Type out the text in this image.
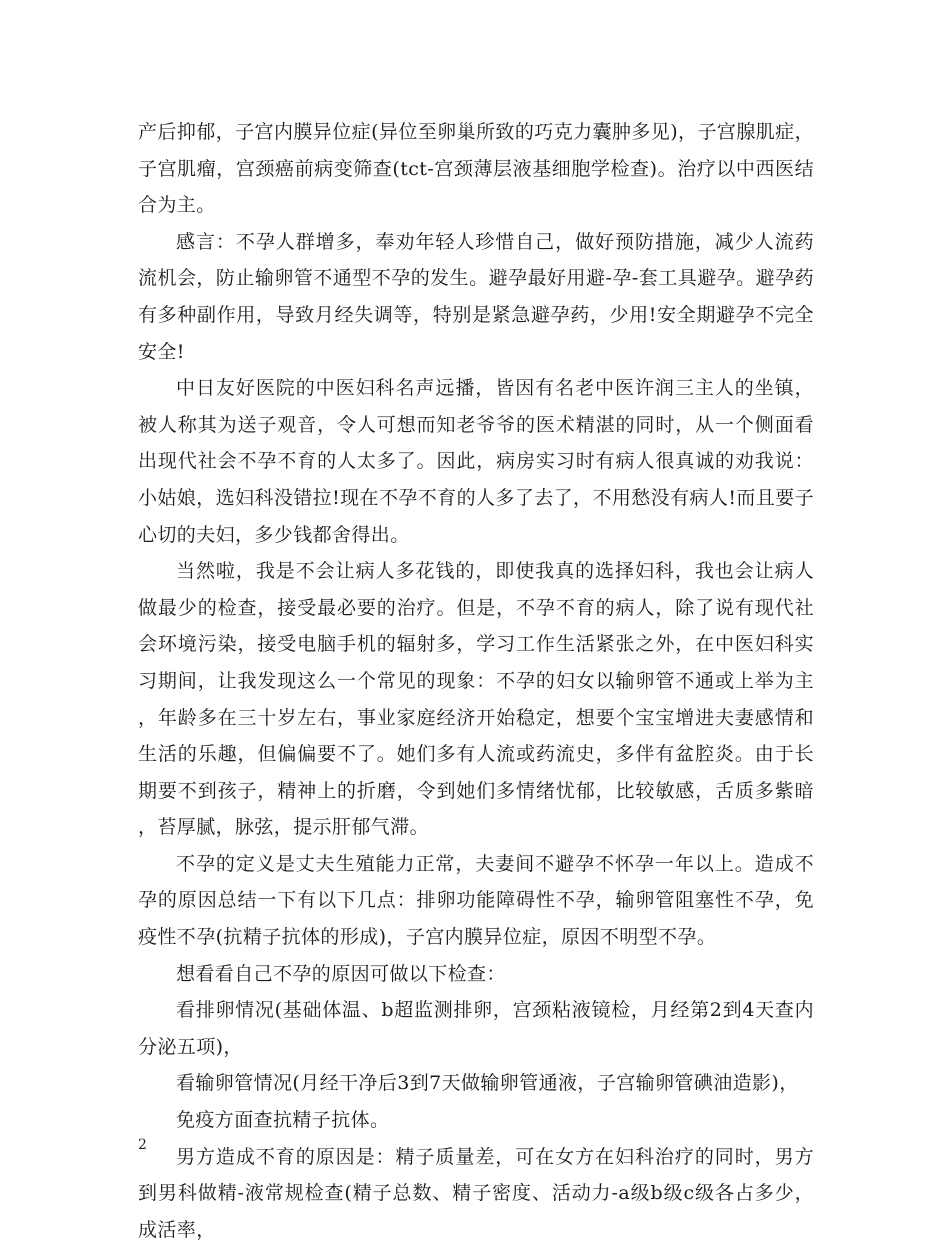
产后抑郁，子宫内膜异位症(异位至卵巢所致的巧克力囊肿多见)，子宫腺肌症，子宫肌瘤，宫颈癌前病变筛查(tct-宫颈薄层液基细胞学检查)。治疗以中西医结合为主。

感言：不孕人群增多，奉劝年轻人珍惜自己，做好预防措施，减少人流药流机会，防止输卵管不通型不孕的发生。避孕最好用避-孕-套工具避孕。避孕药有多种副作用，导致月经失调等，特别是紧急避孕药，少用!安全期避孕不完全安全!

中日友好医院的中医妇科名声远播，皆因有名老中医许润三主人的坐镇，被人称其为送子观音，令人可想而知老爷爷的医术精湛的同时，从一个侧面看出现代社会不孕不育的人太多了。因此，病房实习时有病人很真诚的劝我说：小姑娘，选妇科没错拉!现在不孕不育的人多了去了，不用愁没有病人!而且要子心切的夫妇，多少钱都舍得出。

当然啦，我是不会让病人多花钱的，即使我真的选择妇科，我也会让病人做最少的检查，接受最必要的治疗。但是，不孕不育的病人，除了说有现代社会环境污染，接受电脑手机的辐射多，学习工作生活紧张之外，在中医妇科实习期间，让我发现这么一个常见的现象：不孕的妇女以输卵管不通或上举为主，年龄多在三十岁左右，事业家庭经济开始稳定，想要个宝宝增进夫妻感情和生活的乐趣，但偏偏要不了。她们多有人流或药流史，多伴有盆腔炎。由于长期要不到孩子，精神上的折磨，令到她们多情绪忧郁，比较敏感，舌质多紫暗，苔厚腻，脉弦，提示肝郁气滞。

不孕的定义是丈夫生殖能力正常，夫妻间不避孕不怀孕一年以上。造成不孕的原因总结一下有以下几点：排卵功能障碍性不孕，输卵管阻塞性不孕，免疫性不孕(抗精子抗体的形成)，子宫内膜异位症，原因不明型不孕。

想看看自己不孕的原因可做以下检查：

看排卵情况(基础体温、b超监测排卵，宫颈粘液镜检，月经第2到4天查内分泌五项)，

看输卵管情况(月经干净后3到7天做输卵管通液，子宫输卵管碘油造影)，

免疫方面查抗精子抗体。

男方造成不育的原因是：精子质量差，可在女方在妇科治疗的同时，男方到男科做精-液常规检查(精子总数、精子密度、活动力-a级b级c级各占多少，成活率，

2
